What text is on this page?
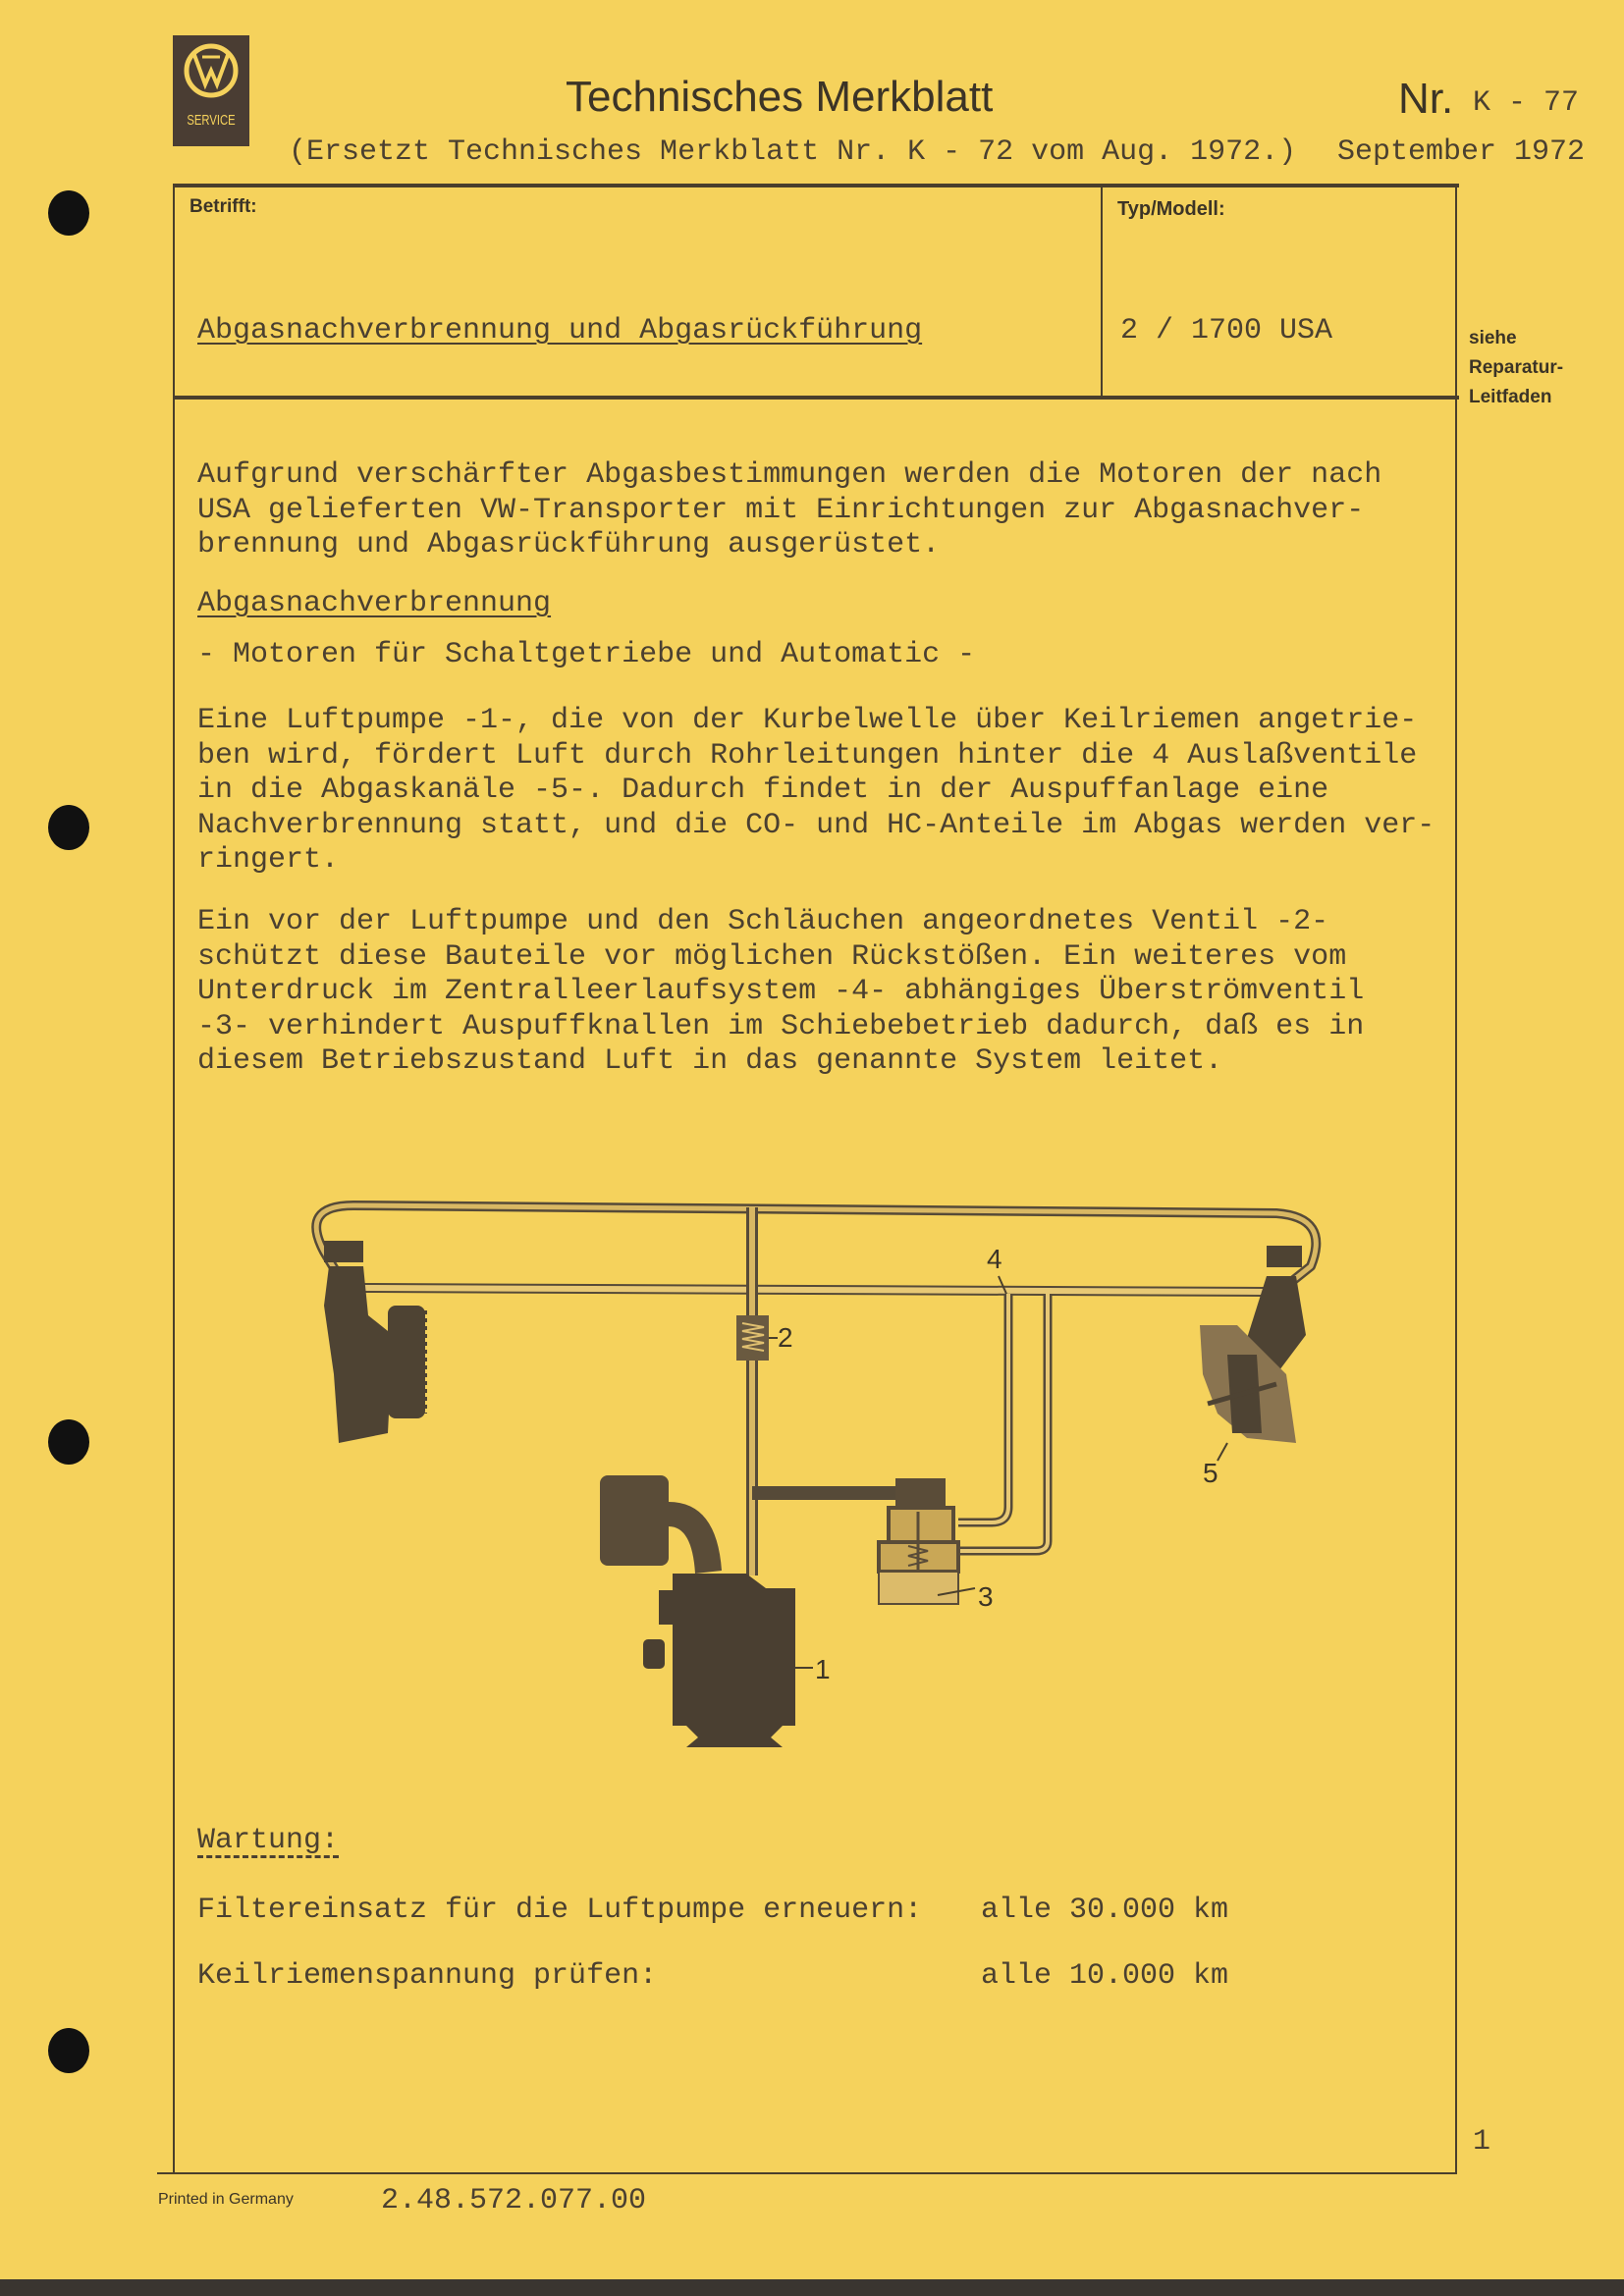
SERVICE	Technisches Merkblatt	Nr. K - 77
(Ersetzt Technisches Merkblatt Nr. K - 72 vom Aug. 1972.) September 1972
Betrifft:
Abgasnachverbrennung und Abgasrückführung
Typ/Modell:
2 / 1700 USA	siehe
Reparatur-
Leitfaden
Aufgrund verschärfter Abgasbestimmungen werden die Motoren der nach
USA gelieferten VW-Transporter mit Einrichtungen zur Abgasnachver-
brennung und Abgasrückführung ausgerüstet.
Abgasnachverbrennung
- Motoren für Schaltgetriebe und Automatic -
Eine Luftpumpe -1-, die von der Kurbelwelle über Keilriemen angetrie-
ben wird, fördert Luft durch Rohrleitungen hinter die 4 Auslaßventile
in die Abgaskanäle -5-. Dadurch findet in der Auspuffanlage eine
Nachverbrennung statt, und die CO- und HC-Anteile im Abgas werden ver-
ringert.
Ein vor der Luftpumpe und den Schläuchen angeordnetes Ventil -2-
schützt diese Bauteile vor möglichen Rückstößen. Ein weiteres vom
Unterdruck im Zentralleerlaufsystem -4- abhängiges Überströmventil
-3- verhindert Auspuffknallen im Schiebebetrieb dadurch, daß es in
diesem Betriebszustand Luft in das genannte System leitet.
1
2
3
4
5
Wartung:
Filtereinsatz für die Luftpumpe erneuern: alle 30.000 km
Keilriemenspannung prüfen:	alle 10.000 km
1
Printed in Germany	2.48.572.077.00
